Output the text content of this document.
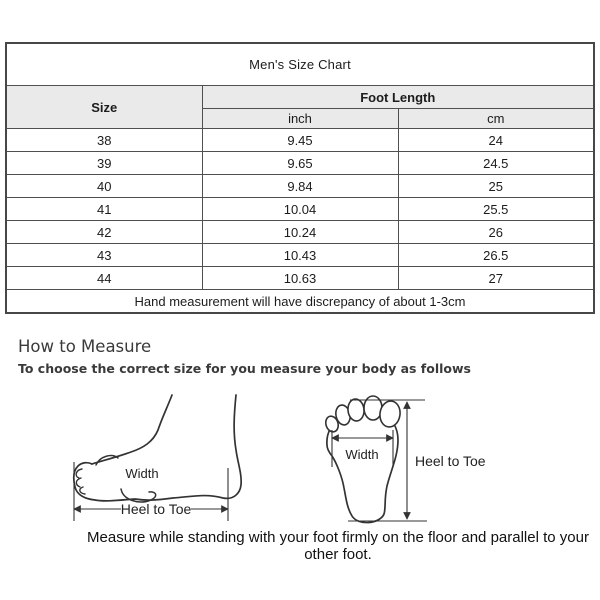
Men's Size Chart		
Size	Foot Length	
	inch	cm
38	9.45	24
39	9.65	24.5
40	9.84	25
41	10.04	25.5
42	10.24	26
43	10.43	26.5
44	10.63	27
Hand measurement will have discrepancy of about 1-3cm		
How to Measure
To choose the correct size for you measure your body as follows
Width
Heel to Toe
Width	Heel to Toe
Measure while standing with your foot firmly on the floor and parallel to your other foot.
